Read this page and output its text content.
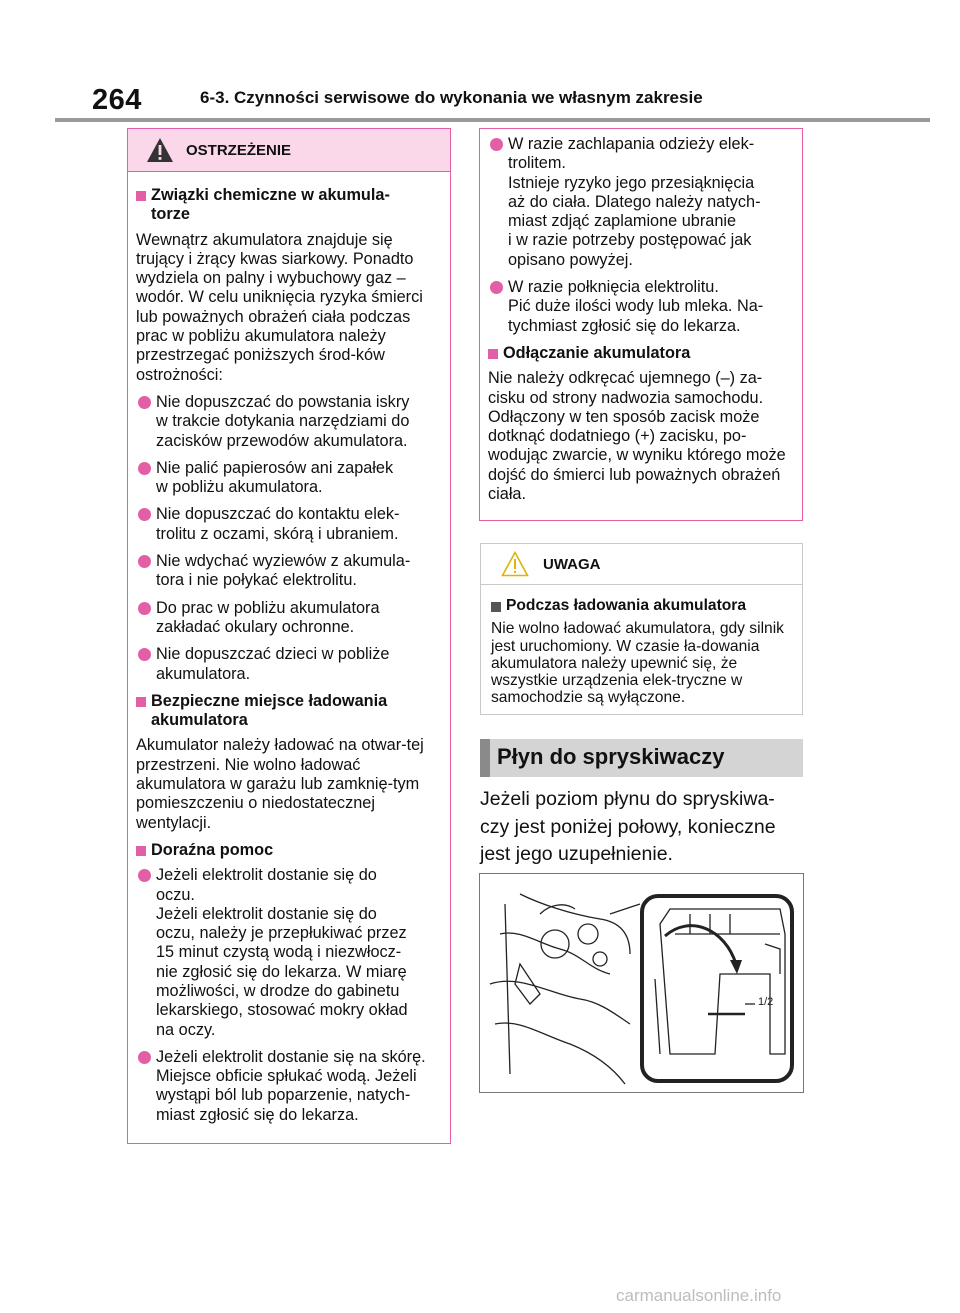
264	6-3. Czynności serwisowe do wykonania we własnym zakresie
OSTRZEŻENIE
Związki chemiczne w akumula-
torze
Wewnątrz akumulatora znajduje się trujący i żrący kwas siarkowy. Ponadto wydziela on palny i wybuchowy gaz – wodór. W celu uniknięcia ryzyka śmierci lub poważnych obrażeń ciała podczas prac w pobliżu akumulatora należy przestrzegać poniższych środ-ków ostrożności:
Nie dopuszczać do powstania iskry
w trakcie dotykania narzędziami do
zacisków przewodów akumulatora.
Nie palić papierosów ani zapałek
w pobliżu akumulatora.
Nie dopuszczać do kontaktu elek-
trolitu z oczami, skórą i ubraniem.
Nie wdychać wyziewów z akumula-
tora i nie połykać elektrolitu.
Do prac w pobliżu akumulatora
zakładać okulary ochronne.
Nie dopuszczać dzieci w pobliże
akumulatora.
Bezpieczne miejsce ładowania
akumulatora
Akumulator należy ładować na otwar-tej przestrzeni. Nie wolno ładować akumulatora w garażu lub zamknię-tym pomieszczeniu o niedostatecznej wentylacji.
Doraźna pomoc
Jeżeli elektrolit dostanie się do
oczu.
Jeżeli elektrolit dostanie się do
oczu, należy je przepłukiwać przez
15 minut czystą wodą i niezwłocz-
nie zgłosić się do lekarza. W miarę
możliwości, w drodze do gabinetu
lekarskiego, stosować mokry okład
na oczy.
Jeżeli elektrolit dostanie się na skórę.
Miejsce obficie spłukać wodą. Jeżeli
wystąpi ból lub poparzenie, natych-
miast zgłosić się do lekarza.
W razie zachlapania odzieży elek-
trolitem.
Istnieje ryzyko jego przesiąknięcia
aż do ciała. Dlatego należy natych-
miast zdjąć zaplamione ubranie
i w razie potrzeby postępować jak
opisano powyżej.
W razie połknięcia elektrolitu.
Pić duże ilości wody lub mleka. Na-
tychmiast zgłosić się do lekarza.
Odłączanie akumulatora
Nie należy odkręcać ujemnego (–) za-cisku od strony nadwozia samochodu. Odłączony w ten sposób zacisk może dotknąć dodatniego (+) zacisku, po-wodując zwarcie, w wyniku którego może dojść do śmierci lub poważnych obrażeń ciała.
UWAGA
Podczas ładowania akumulatora
Nie wolno ładować akumulatora, gdy silnik jest uruchomiony. W czasie ła-dowania akumulatora należy upewnić się, że wszystkie urządzenia elek-tryczne w samochodzie są wyłączone.
Płyn do spryskiwaczy
Jeżeli poziom płynu do spryskiwa-
czy jest poniżej połowy, konieczne
jest jego uzupełnienie.
1/2
carmanualsonline.info
